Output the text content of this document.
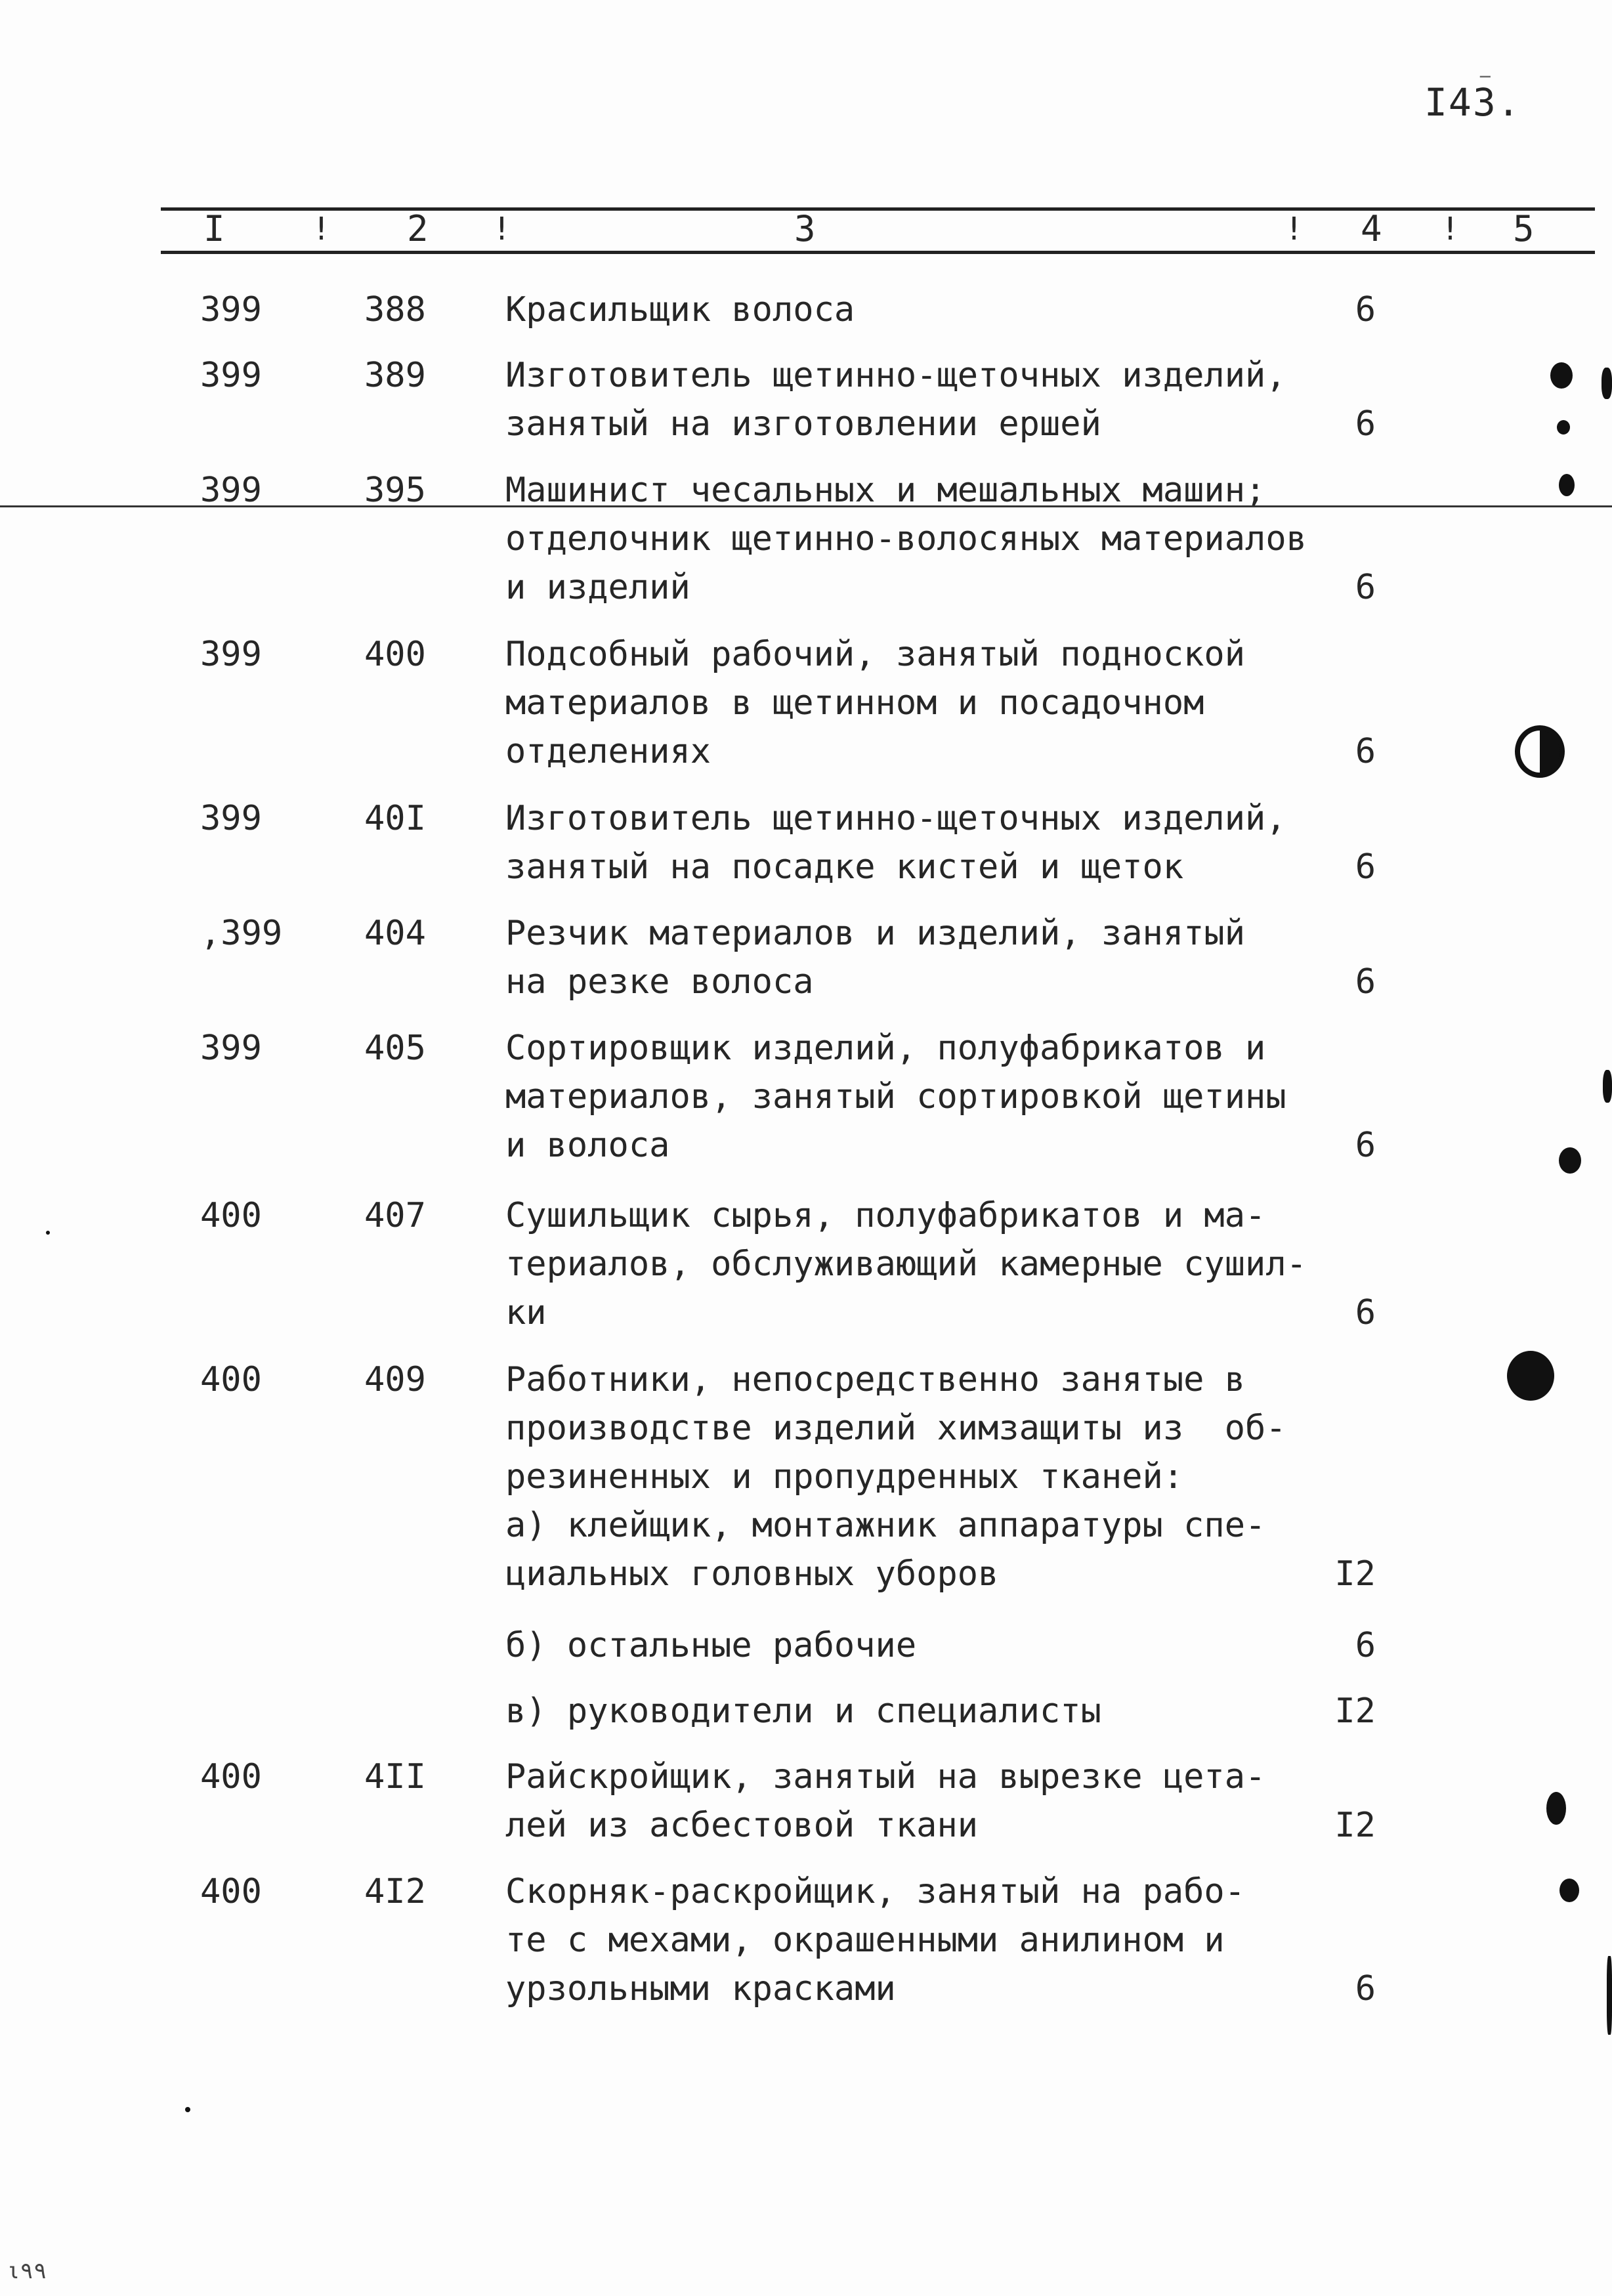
I43.
ـ
I	! 2 !	3	! 4 ! 5
399	388 Красильщик волоса	6
399	389 Изготовитель щетинно-щеточных изделий,
занятый на изготовлении ершей	6
399	395 Машинист чесальных и мешальных машин;
отделочник щетинно-волосяных материалов
и изделий	6
399	400 Подсобный рабочий, занятый подноской
материалов в щетинном и посадочном
отделениях	6
399	40I Изготовитель щетинно-щеточных изделий,
занятый на посадке кистей и щеток	6
,399 404 Резчик материалов и изделий, занятый
на резке волоса	6
399	405 Сортировщик изделий, полуфабрикатов и
материалов, занятый сортировкой щетины
и волоса	6
400	407 Сушильщик сырья, полуфабрикатов и ма-
териалов, обслуживающий камерные сушил-
ки	6
400	409 Работники, непосредственно занятые в
производстве изделий химзащиты из  об-
резиненных и пропудренных тканей:
а) клейщик, монтажник аппаратуры спе-
циальных головных уборов	I2
б) остальные рабочие	6
в) руководители и специалисты	I2
400	4II Райскройщик, занятый на вырезке цета-
лей из асбестовой ткани	I2
400	4I2 Скорняк-раскройщик, занятый на рабо-
те с мехами, окрашенными анилином и
урзольными красками	6
ι٩٩
